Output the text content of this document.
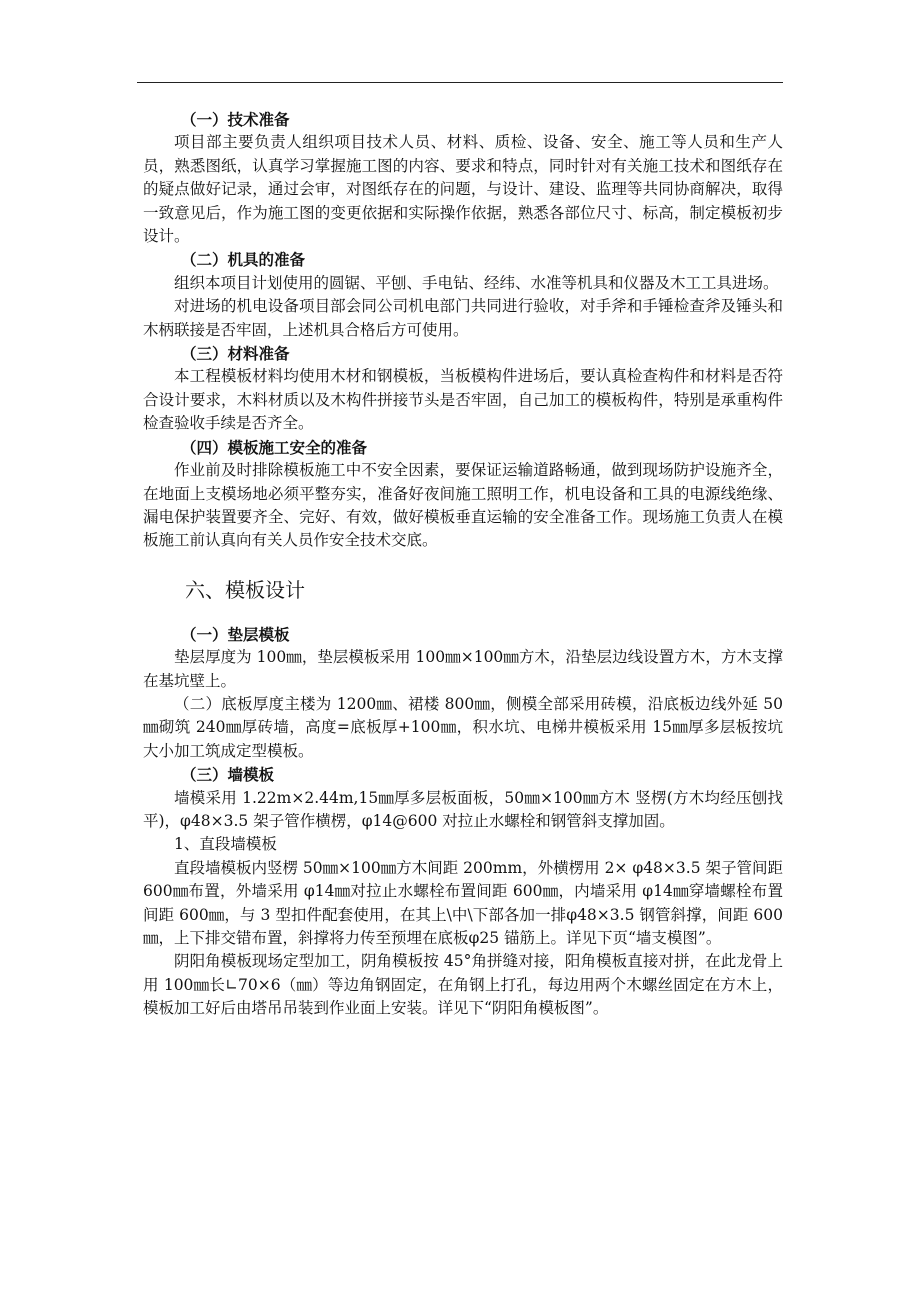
（一）技术准备

项目部主要负责人组织项目技术人员、材料、质检、设备、安全、施工等人员和生产人员，熟悉图纸，认真学习掌握施工图的内容、要求和特点，同时针对有关施工技术和图纸存在的疑点做好记录，通过会审，对图纸存在的问题，与设计、建设、监理等共同协商解决，取得一致意见后，作为施工图的变更依据和实际操作依据，熟悉各部位尺寸、标高，制定模板初步设计。

（二）机具的准备

组织本项目计划使用的圆锯、平刨、手电钻、经纬、水准等机具和仪器及木工工具进场。

对进场的机电设备项目部会同公司机电部门共同进行验收，对手斧和手锤检查斧及锤头和木柄联接是否牢固，上述机具合格后方可使用。

（三）材料准备

本工程模板材料均使用木材和钢模板，当板模构件进场后，要认真检查构件和材料是否符合设计要求，木料材质以及木构件拼接节头是否牢固，自己加工的模板构件，特别是承重构件检查验收手续是否齐全。

（四）模板施工安全的准备

作业前及时排除模板施工中不安全因素，要保证运输道路畅通，做到现场防护设施齐全，在地面上支模场地必须平整夯实，准备好夜间施工照明工作，机电设备和工具的电源线绝缘、漏电保护装置要齐全、完好、有效，做好模板垂直运输的安全准备工作。现场施工负责人在模板施工前认真向有关人员作安全技术交底。

六、模板设计

（一）垫层模板

垫层厚度为 100㎜，垫层模板采用 100㎜×100㎜方木，沿垫层边线设置方木，方木支撑在基坑壁上。

（二）底板厚度主楼为 1200㎜、裙楼 800㎜，侧模全部采用砖模，沿底板边线外延 50㎜砌筑 240㎜厚砖墙，高度=底板厚+100㎜，积水坑、电梯井模板采用 15㎜厚多层板按坑大小加工筑成定型模板。

（三）墙模板

墙模采用 1.22m×2.44m,15㎜厚多层板面板，50㎜×100㎜方木 竖楞(方木均经压刨找平)，φ48×3.5 架子管作横楞，φ14@600 对拉止水螺栓和钢管斜支撑加固。

1、直段墙模板

直段墙模板内竖楞 50㎜×100㎜方木间距 200mm，外横楞用 2× φ48×3.5 架子管间距 600㎜布置，外墙采用 φ14㎜对拉止水螺栓布置间距 600㎜，内墙采用 φ14㎜穿墙螺栓布置间距 600㎜，与 3 型扣件配套使用，在其上\中\下部各加一排φ48×3.5 钢管斜撑，间距 600㎜，上下排交错布置，斜撑将力传至预埋在底板φ25 锚筋上。详见下页“墙支模图”。

阴阳角模板现场定型加工，阴角模板按 45°角拼缝对接，阳角模板直接对拼，在此龙骨上用 100㎜长∟70×6（㎜）等边角钢固定，在角钢上打孔，每边用两个木螺丝固定在方木上，模板加工好后由塔吊吊装到作业面上安装。详见下“阴阳角模板图”。
